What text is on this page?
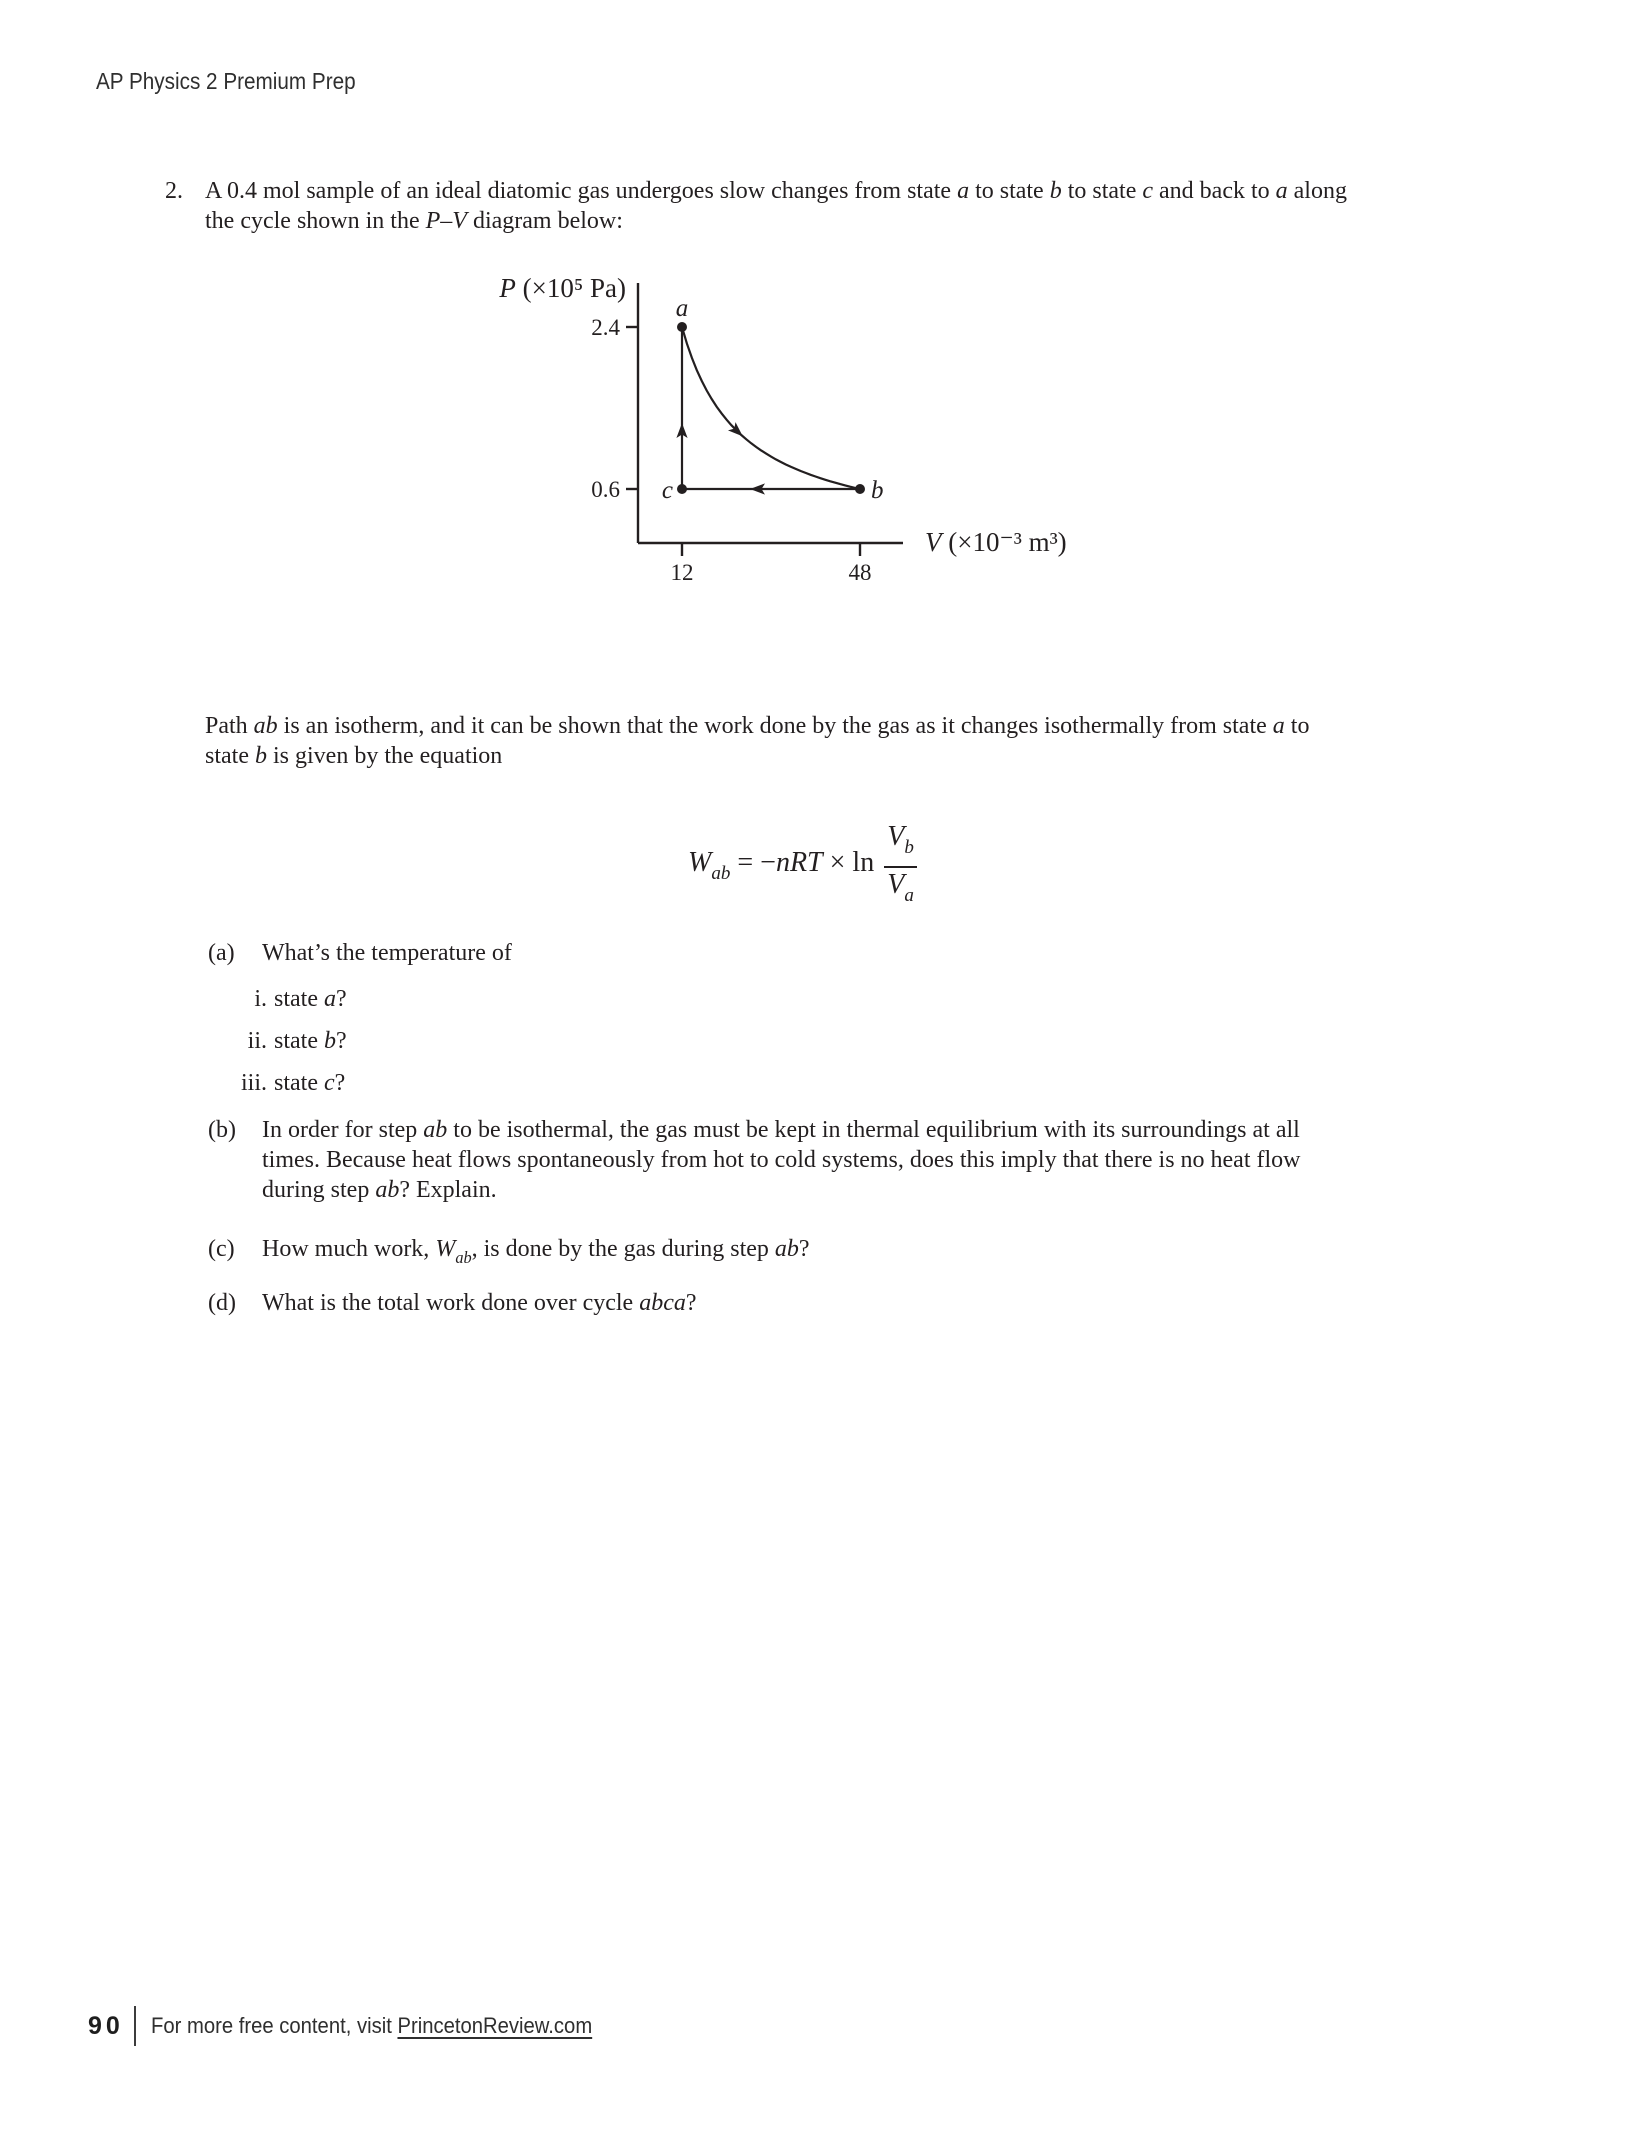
AP Physics 2 Premium Prep
2. A 0.4 mol sample of an ideal diatomic gas undergoes slow changes from state a to state b to state c and back to a along
the cycle shown in the P–V diagram below:
P (×10⁵ Pa)
V (×10⁻³ m³)
2.4
0.6
12	48
a
b
c
Path ab is an isotherm, and it can be shown that the work done by the gas as it changes isothermally from state a to
state b is given by the equation
$W_{ab} = -nRT \times \ln \frac{V_b}{V_a}$
(a)	What’s the temperature of
i. state a?
ii. state b?
iii. state c?
(b)	In order for step ab to be isothermal, the gas must be kept in thermal equilibrium with its surroundings at all
times. Because heat flows spontaneously from hot to cold systems, does this imply that there is no heat flow
during step ab? Explain.
(c)	How much work, $W_{ab}$, is done by the gas during step ab?
(d)	What is the total work done over cycle abca?
90 For more free content, visit PrincetonReview.com
